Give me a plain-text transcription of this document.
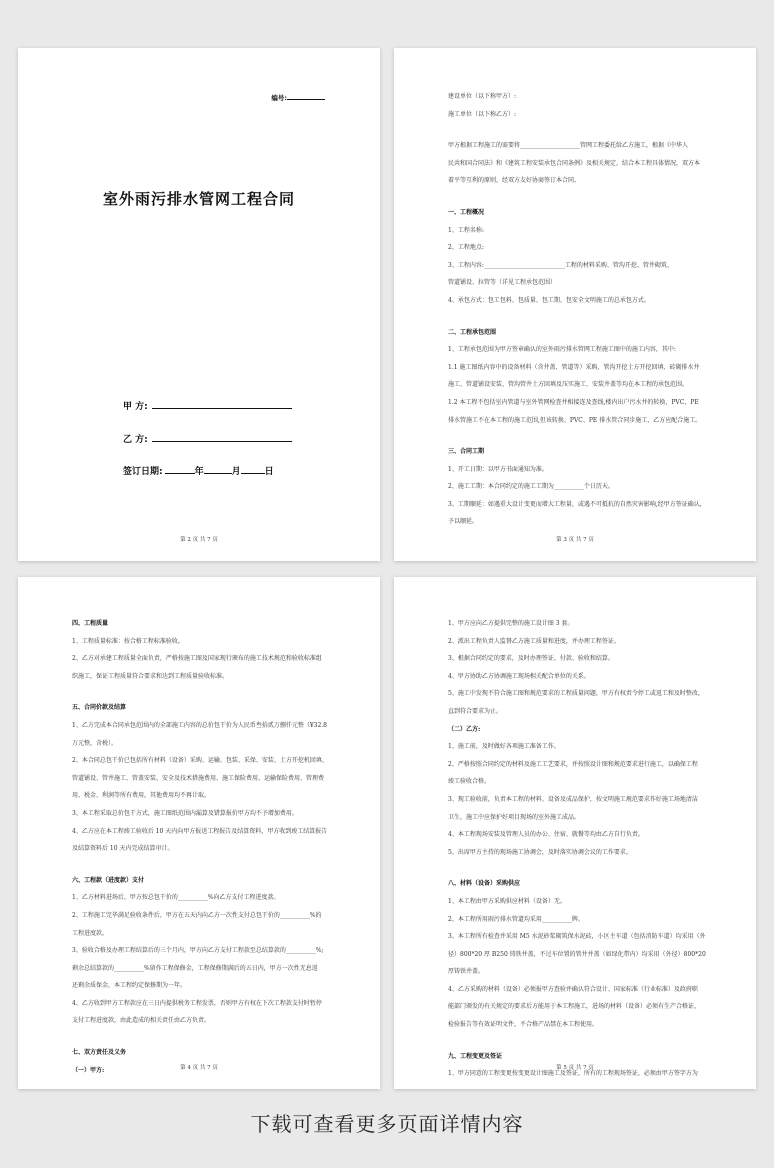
编号:
室外雨污排水管网工程合同
甲 方:
乙 方:
签订日期:	年	月	日
第 2 页 共 7 页
建设单位（以下称甲方）:
施工单位（以下称乙方）:
甲方根据工程施工的需要将____________________管网工程委托给乙方施工，根据《中华人
民共和国合同法》和《建筑工程安装承包合同条例》及相关规定，结合本工程具体情况，双方本
着平等互利的原则，经双方友好协商签订本合同。
一、工程概况
1、工程名称:
2、工程地点:
3、工程内容:___________________________工程的材料采购、管沟开挖、管井砌筑、
管道铺设、拉管等（详见工程承包范围）
4、承包方式：包工包料、包质量、包工期、包安全文明施工的总承包方式。
二、工程承包范围
1、工程承包范围为甲方签章确认的室外雨污排水管网工程施工图中的施工内容，其中:
1.1 施工图纸内容中的设备材料（含井盖、管道等）采购、管沟开挖土方开挖回填、砖砌排水井
施工、管道铺设安装、管沟管井土方回填及压实施工、安装井盖等均在本工程的承包范围。
1.2 本工程不包括室内管道与室外管网检查井相接连及查线,楼内出户污水井的转换、PVC、PE
排水管施工不在本工程的施工范围,但该转换、PVC、PE 排水管合同步施工，乙方应配合施工。
三、合同工期
1、开工日期：以甲方书面通知为准。
2、施工工期：本合同约定的施工工期为__________个日历天。
3、工期顺延：如遇重大设计变更而增大工程量，或遇不可抵抗的自然灾害影响,经甲方签证确认，
予以顺延。
第 3 页 共 7 页
四、工程质量
1、工程质量标准：按合格工程标准验收。
2、乙方对承建工程质量全面负责，严格按施工图及国家现行颁布的施工技术规范和验收标准组
织施工，保证工程质量符合要求和达到工程质量验收标准。
五、合同价款及结算
1、乙方完成本合同承包范围内的全部施工内容的总价包干价为人民币叁拾贰万捌仟元整（¥32.8
万元整，含税）。
2、本合同总包干价已包括所有材料（设备）采购、运输、包装、采保、安装、土方开挖机回填、
管道铺设、管井施工、管盖安装、安全及技术措施费用、施工保险费用、运输保险费用、管理费
用、税金、利润等所有费用，其他费用均不再计取。
3、本工程采取总价包干方式，施工图纸范围内漏算及错算报价甲方均不予增加费用。
4、乙方应在本工程竣工验收后 10 天内向甲方报送工程报告及结算资料，甲方收到竣工结算报告
及结算资料后 10 天内完成结算审计。
六、工程款（进度款）支付
1、乙方材料进场后，甲方按总包干价的__________%向乙方支付工程进度款。
2、工程施工完毕满足验收条件后，甲方在五天内向乙方一次性支付总包干价的__________%的
工程进度款。
3、验收合格及办理工程结算后的三个月内，甲方向乙方支付工程款至总结算款的__________%;
剩余总结算款的__________%留作工程保修金，工程保修期满后的五日内，甲方一次性无息返
还剩余质保金，本工程约定保修期为一年。
4、乙方收到甲方工程款应在三日内提供税务工程发票，否则甲方有权在下次工程款支付时暂停
支付工程进度款，由此造成的相关责任由乙方负责。
七、双方责任及义务
（一）甲方:	第 4 页 共 7 页
1、甲方应向乙方提供完整的施工设计图 3 套。
2、派出工程负责人监督乙方施工质量和进度，并办理工程签证。
3、根据合同约定的要求，及时办理签证、付款、验收和结算。
4、甲方协助乙方协调施工现场相关配合单位的关系。
5、施工中发现不符合施工图和规范要求的工程质量问题，甲方有权责令停工或返工和及时整改，
直到符合要求为止。
（二）乙方:
1、施工前，及时做好各项施工准备工作。
2、严格按照合同约定的材料及施工工艺要求，并按照设计图和规范要求进行施工，以确保工程
竣工验收合格。
3、现工验收前，负责本工程的材料、设备及成品保护，按文明施工规范要求作好施工场地清洁
卫生，施工中应保护好项目现场的室外施工成品。
4、本工程现场安装及管理人员的办公、住宿、就餐等均由乙方自行负责。
5、出席甲方主持的现场施工协调会，及时落实协调会议的工作要求。
八、材料（设备）采购供应
1、本工程由甲方采购供应材料（设备）无。
2、本工程所用雨污排水管道均采用__________牌。
3、本工程所有检查井采用 M5 水泥砂浆砌筑保水泥砖，小区主车道（包括消防车道）均采用（外
径）800*20 厚 B250 铸铁井盖，不过车位置的管井井盖（如绿化带内）均采用（外径）800*20
厚铸铁井盖。
4、乙方采购的材料（设备）必须报甲方查验并确认符合设计、国家标准（行业标准）及政府职
能部门颁发的有关规定的要求后方能用于本工程施工，进场的材料（设备）必须有生产合格证、
检验报告等有效证明文件，不合格产品禁在本工程使用。
九、工程变更及签证
1、甲方同意的工程变更按变更设计图施工及签证，所有的工程现场签证，必须由甲方签字方为
第 5 页 共 7 页
下载可查看更多页面详情内容
